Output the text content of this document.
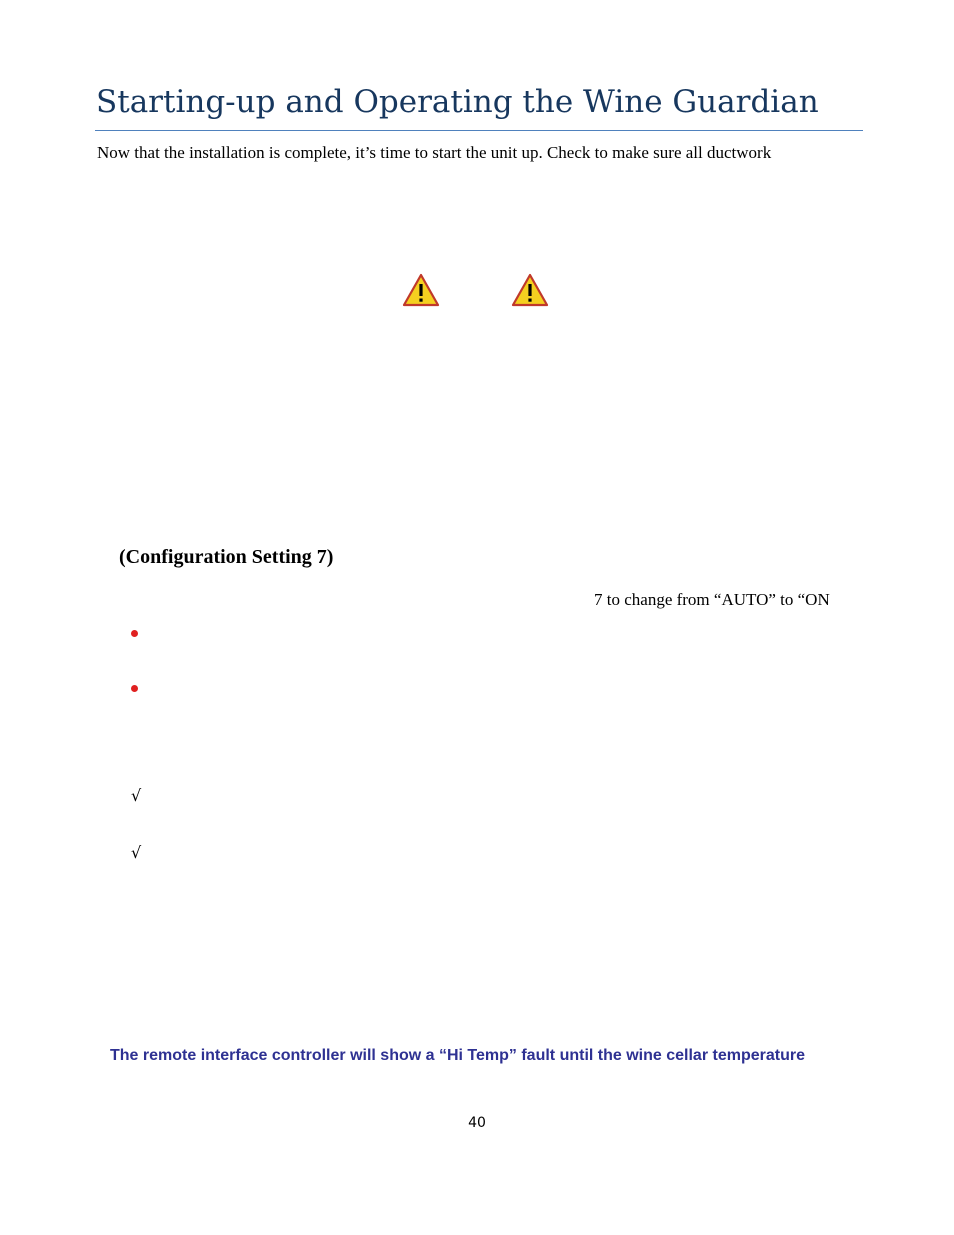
Starting-up and Operating the Wine Guardian
Now that the installation is complete, it’s time to start the unit up. Check to make sure all ductwork
(Configuration Setting 7)
7 to change from “AUTO” to “ON
√
√
The remote interface controller will show a “Hi Temp” fault until the wine cellar temperature
40
